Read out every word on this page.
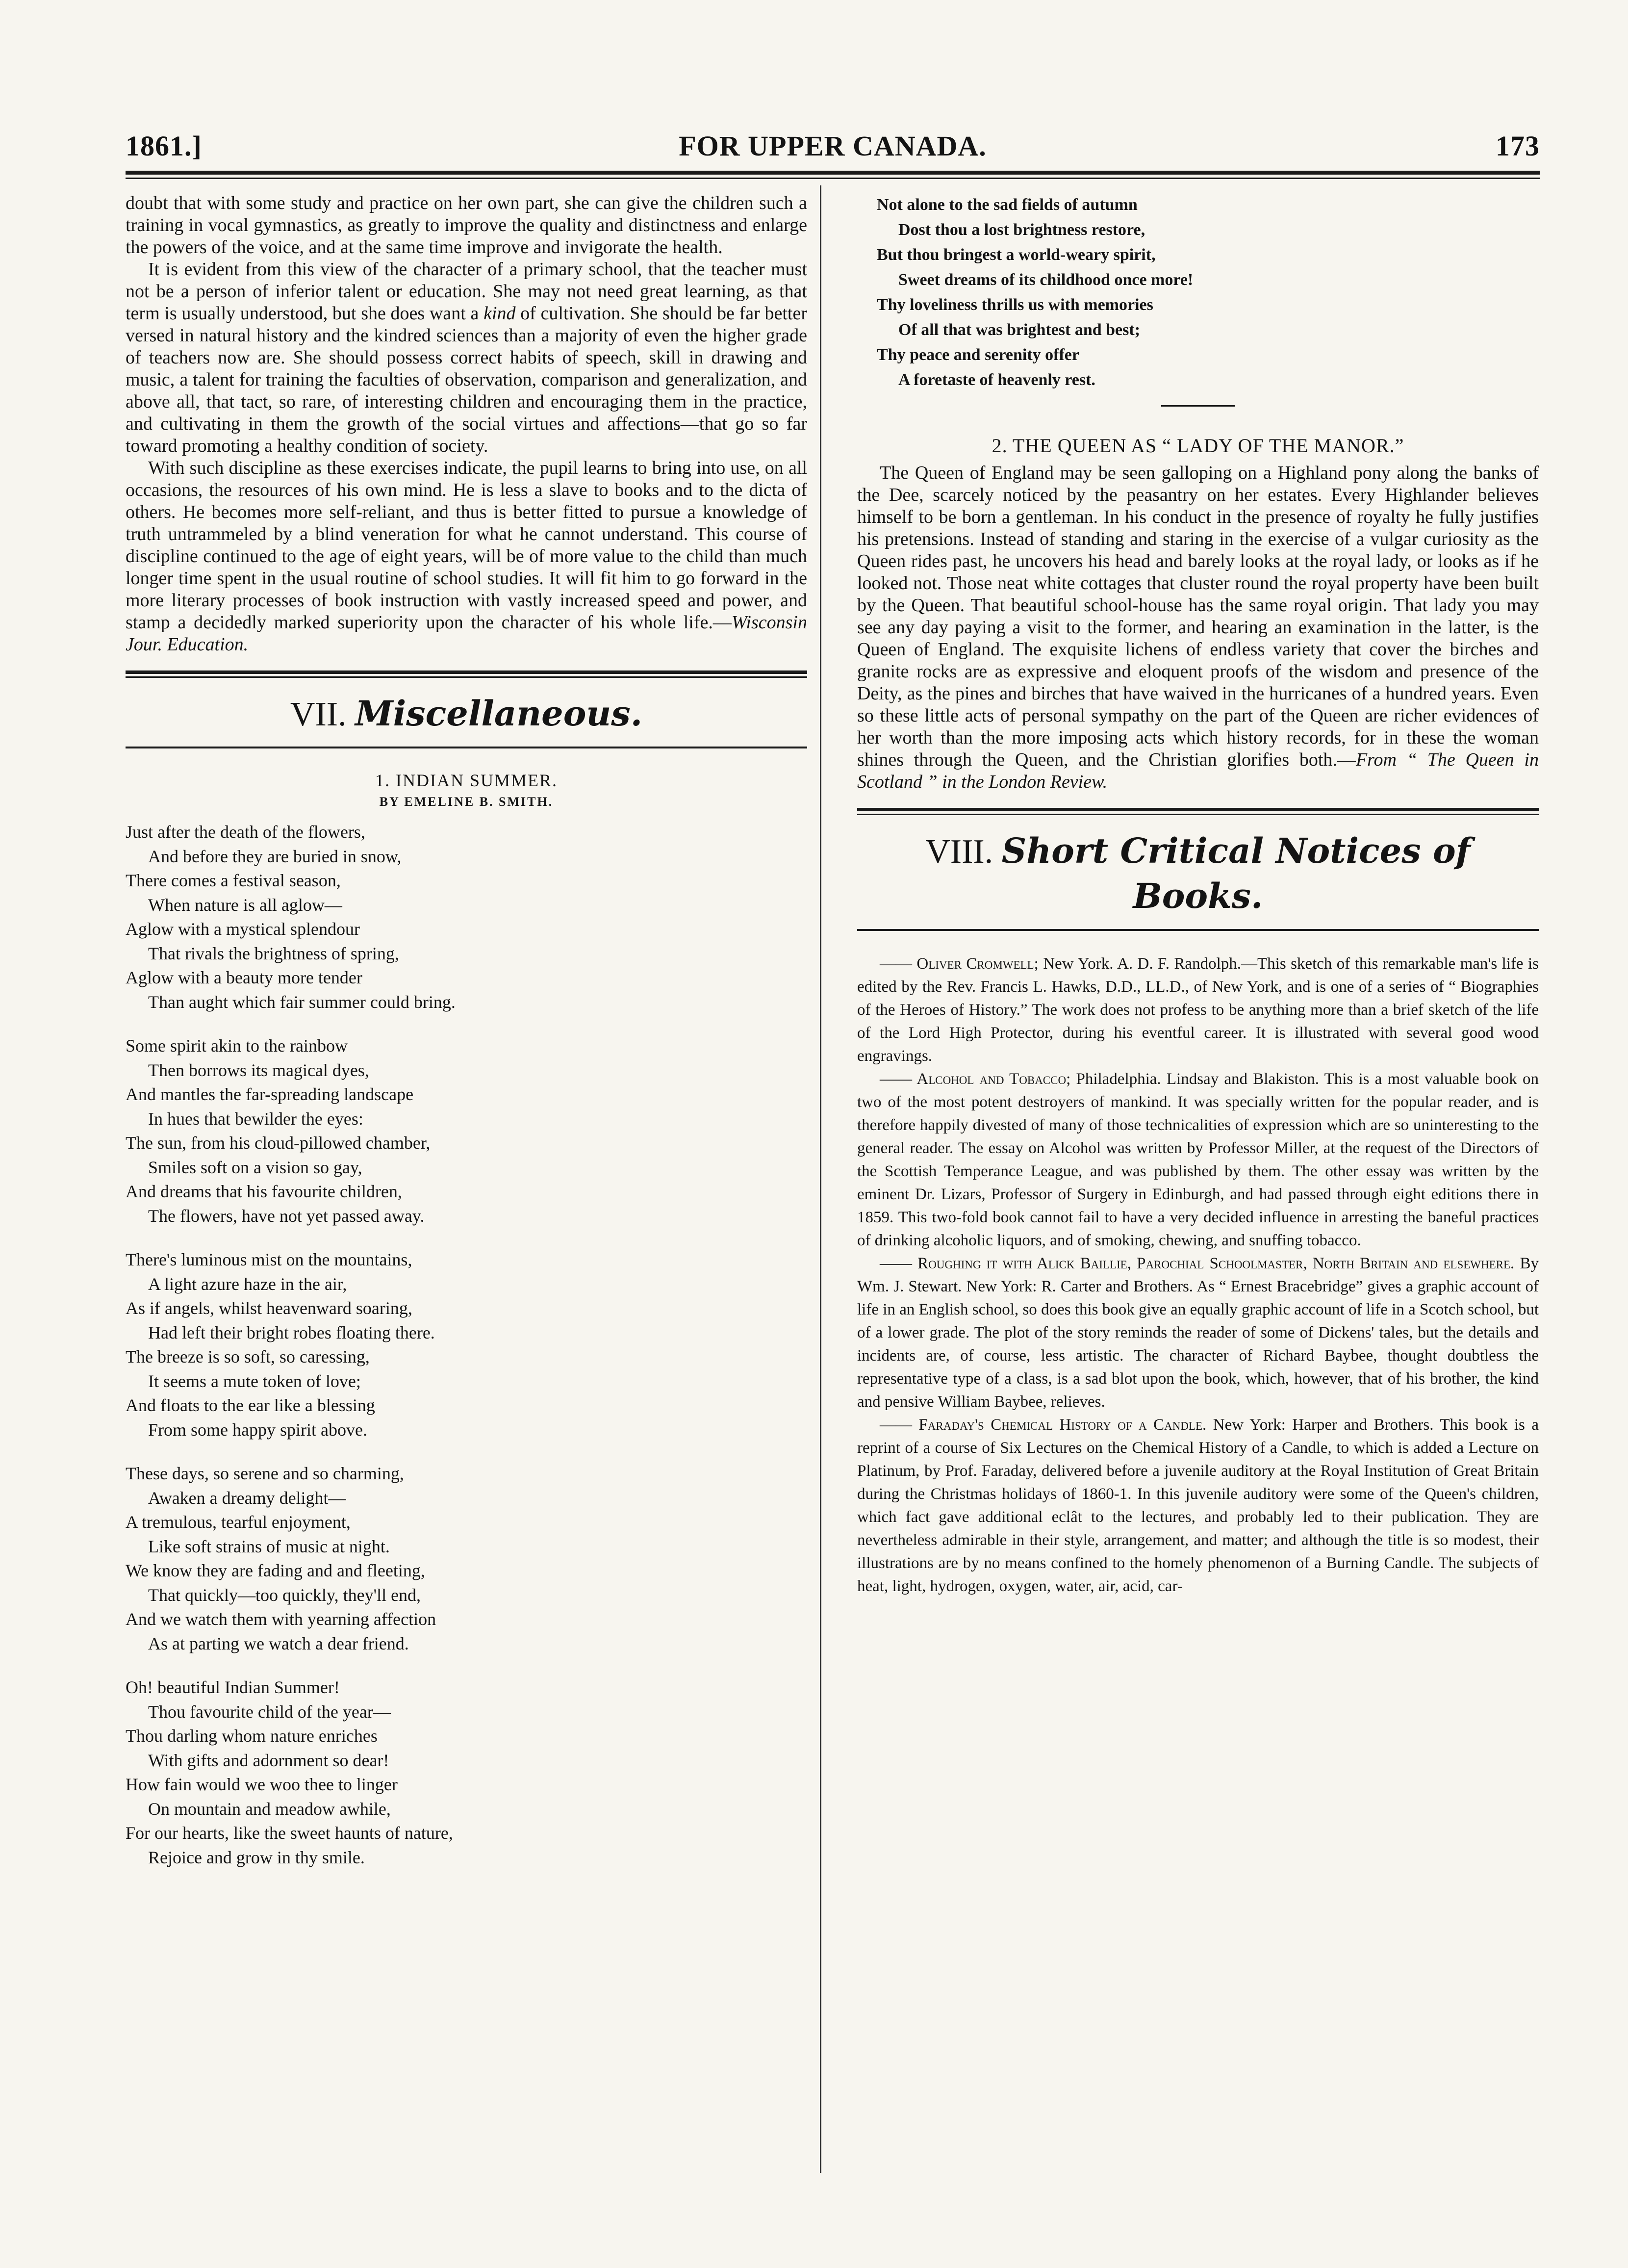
1861.]	FOR UPPER CANADA.	173

doubt that with some study and practice on her own part, she can give the children such a training in vocal gymnastics, as greatly to improve the quality and distinctness and enlarge the powers of the voice, and at the same time improve and invigorate the health.

It is evident from this view of the character of a primary school, that the teacher must not be a person of inferior talent or education. She may not need great learning, as that term is usually understood, but she does want a kind of cultivation. She should be far better versed in natural history and the kindred sciences than a majority of even the higher grade of teachers now are. She should possess correct habits of speech, skill in drawing and music, a talent for training the faculties of observation, comparison and generalization, and above all, that tact, so rare, of interesting children and encouraging them in the practice, and cultivating in them the growth of the social virtues and affections—that go so far toward promoting a healthy condition of society.

With such discipline as these exercises indicate, the pupil learns to bring into use, on all occasions, the resources of his own mind. He is less a slave to books and to the dicta of others. He becomes more self-reliant, and thus is better fitted to pursue a knowledge of truth untrammeled by a blind veneration for what he cannot understand. This course of discipline continued to the age of eight years, will be of more value to the child than much longer time spent in the usual routine of school studies. It will fit him to go forward in the more literary processes of book instruction with vastly increased speed and power, and stamp a decidedly marked superiority upon the character of his whole life.—Wisconsin Jour. Education.

VII. Miscellaneous.
1. INDIAN SUMMER.
BY EMELINE B. SMITH.
Just after the death of the flowers,
And before they are buried in snow,
There comes a festival season,
When nature is all aglow—
Aglow with a mystical splendour
That rivals the brightness of spring,
Aglow with a beauty more tender
Than aught which fair summer could bring.
Some spirit akin to the rainbow
Then borrows its magical dyes,
And mantles the far-spreading landscape
In hues that bewilder the eyes:
The sun, from his cloud-pillowed chamber,
Smiles soft on a vision so gay,
And dreams that his favourite children,
The flowers, have not yet passed away.
There's luminous mist on the mountains,
A light azure haze in the air,
As if angels, whilst heavenward soaring,
Had left their bright robes floating there.
The breeze is so soft, so caressing,
It seems a mute token of love;
And floats to the ear like a blessing
From some happy spirit above.
These days, so serene and so charming,
Awaken a dreamy delight—
A tremulous, tearful enjoyment,
Like soft strains of music at night.
We know they are fading and and fleeting,
That quickly—too quickly, they'll end,
And we watch them with yearning affection
As at parting we watch a dear friend.
Oh! beautiful Indian Summer!
Thou favourite child of the year—
Thou darling whom nature enriches
With gifts and adornment so dear!
How fain would we woo thee to linger
On mountain and meadow awhile,
For our hearts, like the sweet haunts of nature,
Rejoice and grow in thy smile.
Not alone to the sad fields of autumn
Dost thou a lost brightness restore,
But thou bringest a world-weary spirit,
Sweet dreams of its childhood once more!
Thy loveliness thrills us with memories
Of all that was brightest and best;
Thy peace and serenity offer
A foretaste of heavenly rest.
2. THE QUEEN AS “ LADY OF THE MANOR.”

The Queen of England may be seen galloping on a Highland pony along the banks of the Dee, scarcely noticed by the peasantry on her estates. Every Highlander believes himself to be born a gentleman. In his conduct in the presence of royalty he fully justifies his pretensions. Instead of standing and staring in the exercise of a vulgar curiosity as the Queen rides past, he uncovers his head and barely looks at the royal lady, or looks as if he looked not. Those neat white cottages that cluster round the royal property have been built by the Queen. That beautiful school-house has the same royal origin. That lady you may see any day paying a visit to the former, and hearing an examination in the latter, is the Queen of England. The exquisite lichens of endless variety that cover the birches and granite rocks are as expressive and eloquent proofs of the wisdom and presence of the Deity, as the pines and birches that have waived in the hurricanes of a hundred years. Even so these little acts of personal sympathy on the part of the Queen are richer evidences of her worth than the more imposing acts which history records, for in these the woman shines through the Queen, and the Christian glorifies both.—From “ The Queen in Scotland ” in the London Review.

VIII. Short Critical Notices of Books.

—— Oliver Cromwell; New York. A. D. F. Randolph.—This sketch of this remarkable man's life is edited by the Rev. Francis L. Hawks, D.D., LL.D., of New York, and is one of a series of “ Biographies of the Heroes of History.” The work does not profess to be anything more than a brief sketch of the life of the Lord High Protector, during his eventful career. It is illustrated with several good wood engravings.

—— Alcohol and Tobacco; Philadelphia. Lindsay and Blakiston. This is a most valuable book on two of the most potent destroyers of mankind. It was specially written for the popular reader, and is therefore happily divested of many of those technicalities of expression which are so uninteresting to the general reader. The essay on Alcohol was written by Professor Miller, at the request of the Directors of the Scottish Temperance League, and was published by them. The other essay was written by the eminent Dr. Lizars, Professor of Surgery in Edinburgh, and had passed through eight editions there in 1859. This two-fold book cannot fail to have a very decided influence in arresting the baneful practices of drinking alcoholic liquors, and of smoking, chewing, and snuffing tobacco.

—— Roughing it with Alick Baillie, Parochial Schoolmaster, North Britain and elsewhere. By Wm. J. Stewart. New York: R. Carter and Brothers. As “ Ernest Bracebridge” gives a graphic account of life in an English school, so does this book give an equally graphic account of life in a Scotch school, but of a lower grade. The plot of the story reminds the reader of some of Dickens' tales, but the details and incidents are, of course, less artistic. The character of Richard Baybee, thought doubtless the representative type of a class, is a sad blot upon the book, which, however, that of his brother, the kind and pensive William Baybee, relieves.

—— Faraday's Chemical History of a Candle. New York: Harper and Brothers. This book is a reprint of a course of Six Lectures on the Chemical History of a Candle, to which is added a Lecture on Platinum, by Prof. Faraday, delivered before a juvenile auditory at the Royal Institution of Great Britain during the Christmas holidays of 1860-1. In this juvenile auditory were some of the Queen's children, which fact gave additional eclât to the lectures, and probably led to their publication. They are nevertheless admirable in their style, arrangement, and matter; and although the title is so modest, their illustrations are by no means confined to the homely phenomenon of a Burning Candle. The subjects of heat, light, hydrogen, oxygen, water, air, acid, car-
